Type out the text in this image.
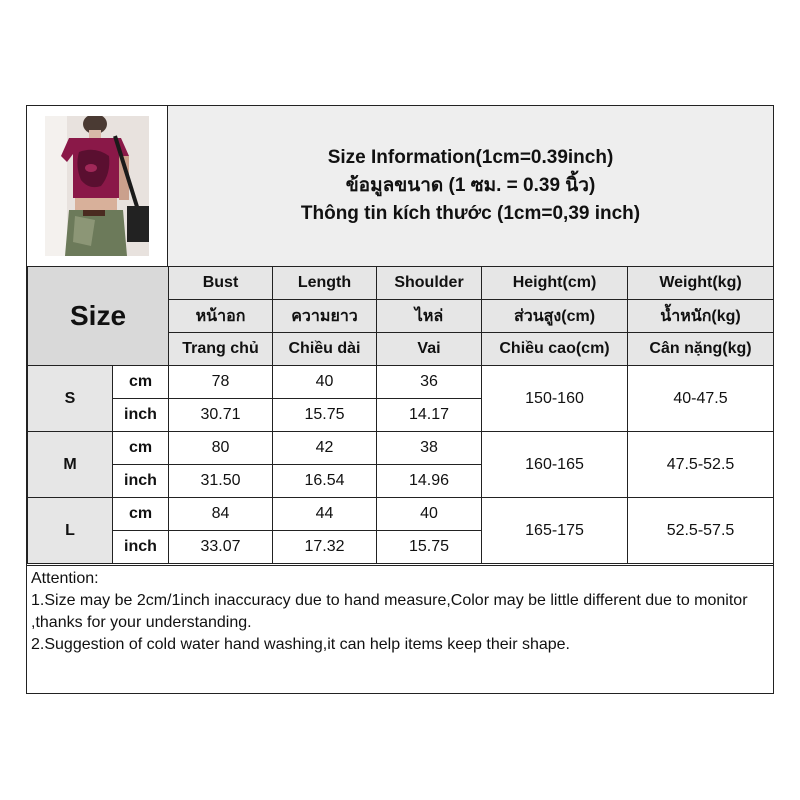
Size Information(1cm=0.39inch)
ข้อมูลขนาด (1 ซม. = 0.39 นิ้ว)
Thông tin kích thước (1cm=0,39 inch)
Size		Bust	Length	Shoulder	Height(cm)	Weight(kg)
		หน้าอก	ความยาว	ไหล่	ส่วนสูง(cm)	น้ำหนัก(kg)
		Trang chủ	Chiều dài	Vai	Chiều cao(cm)	Cân nặng(kg)
S	cm	78	40	36	150-160	40-47.5
	inch	30.71	15.75	14.17		
M	cm	80	42	38	160-165	47.5-52.5
	inch	31.50	16.54	14.96		
L	cm	84	44	40	165-175	52.5-57.5
	inch	33.07	17.32	15.75		
Attention:
1.Size may be 2cm/1inch inaccuracy due to hand measure,Color may be little different due to monitor ,thanks for your understanding.
2.Suggestion of cold water hand washing,it can help items keep their shape.
